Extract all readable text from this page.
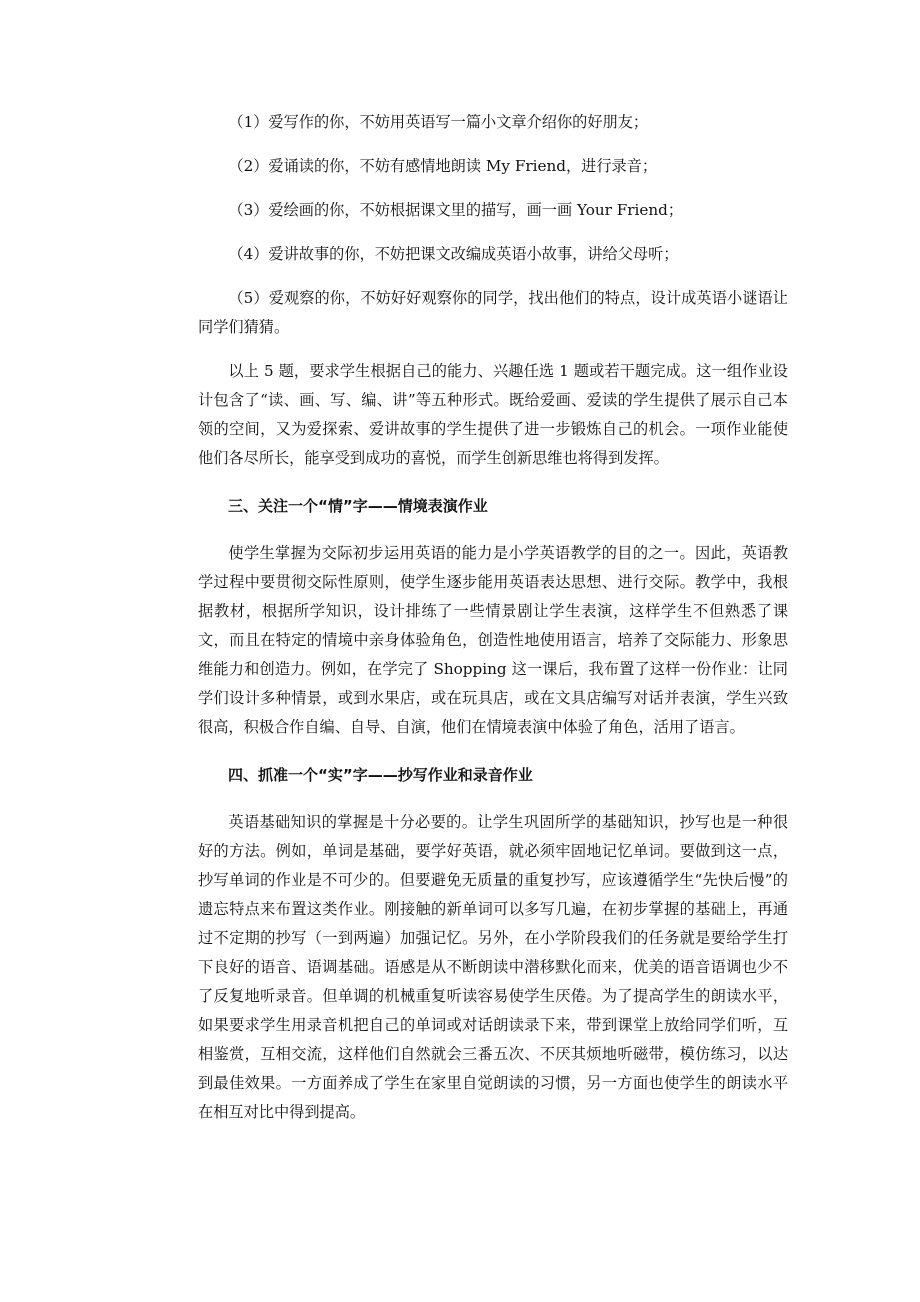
（1）爱写作的你，不妨用英语写一篇小文章介绍你的好朋友；

（2）爱诵读的你，不妨有感情地朗读 My Friend，进行录音；

（3）爱绘画的你，不妨根据课文里的描写，画一画 Your Friend；

（4）爱讲故事的你，不妨把课文改编成英语小故事，讲给父母听；

（5）爱观察的你，不妨好好观察你的同学，找出他们的特点，设计成英语小谜语让同学们猜猜。

以上 5 题，要求学生根据自己的能力、兴趣任选 1 题或若干题完成。这一组作业设计包含了“读、画、写、编、讲”等五种形式。既给爱画、爱读的学生提供了展示自己本领的空间，又为爱探索、爱讲故事的学生提供了进一步锻炼自己的机会。一项作业能使他们各尽所长，能享受到成功的喜悦，而学生创新思维也将得到发挥。

三、关注一个“情”字——情境表演作业

使学生掌握为交际初步运用英语的能力是小学英语教学的目的之一。因此，英语教学过程中要贯彻交际性原则，使学生逐步能用英语表达思想、进行交际。教学中，我根据教材，根据所学知识，设计排练了一些情景剧让学生表演，这样学生不但熟悉了课文，而且在特定的情境中亲身体验角色，创造性地使用语言，培养了交际能力、形象思维能力和创造力。例如，在学完了 Shopping 这一课后，我布置了这样一份作业：让同学们设计多种情景，或到水果店，或在玩具店，或在文具店编写对话并表演，学生兴致很高，积极合作自编、自导、自演，他们在情境表演中体验了角色，活用了语言。

四、抓准一个“实”字——抄写作业和录音作业

英语基础知识的掌握是十分必要的。让学生巩固所学的基础知识，抄写也是一种很好的方法。例如，单词是基础，要学好英语，就必须牢固地记忆单词。要做到这一点，抄写单词的作业是不可少的。但要避免无质量的重复抄写，应该遵循学生“先快后慢”的遗忘特点来布置这类作业。刚接触的新单词可以多写几遍，在初步掌握的基础上，再通过不定期的抄写（一到两遍）加强记忆。另外，在小学阶段我们的任务就是要给学生打下良好的语音、语调基础。语感是从不断朗读中潜移默化而来，优美的语音语调也少不了反复地听录音。但单调的机械重复听读容易使学生厌倦。为了提高学生的朗读水平，如果要求学生用录音机把自己的单词或对话朗读录下来，带到课堂上放给同学们听，互相鉴赏，互相交流，这样他们自然就会三番五次、不厌其烦地听磁带，模仿练习，以达到最佳效果。一方面养成了学生在家里自觉朗读的习惯，另一方面也使学生的朗读水平在相互对比中得到提高。
